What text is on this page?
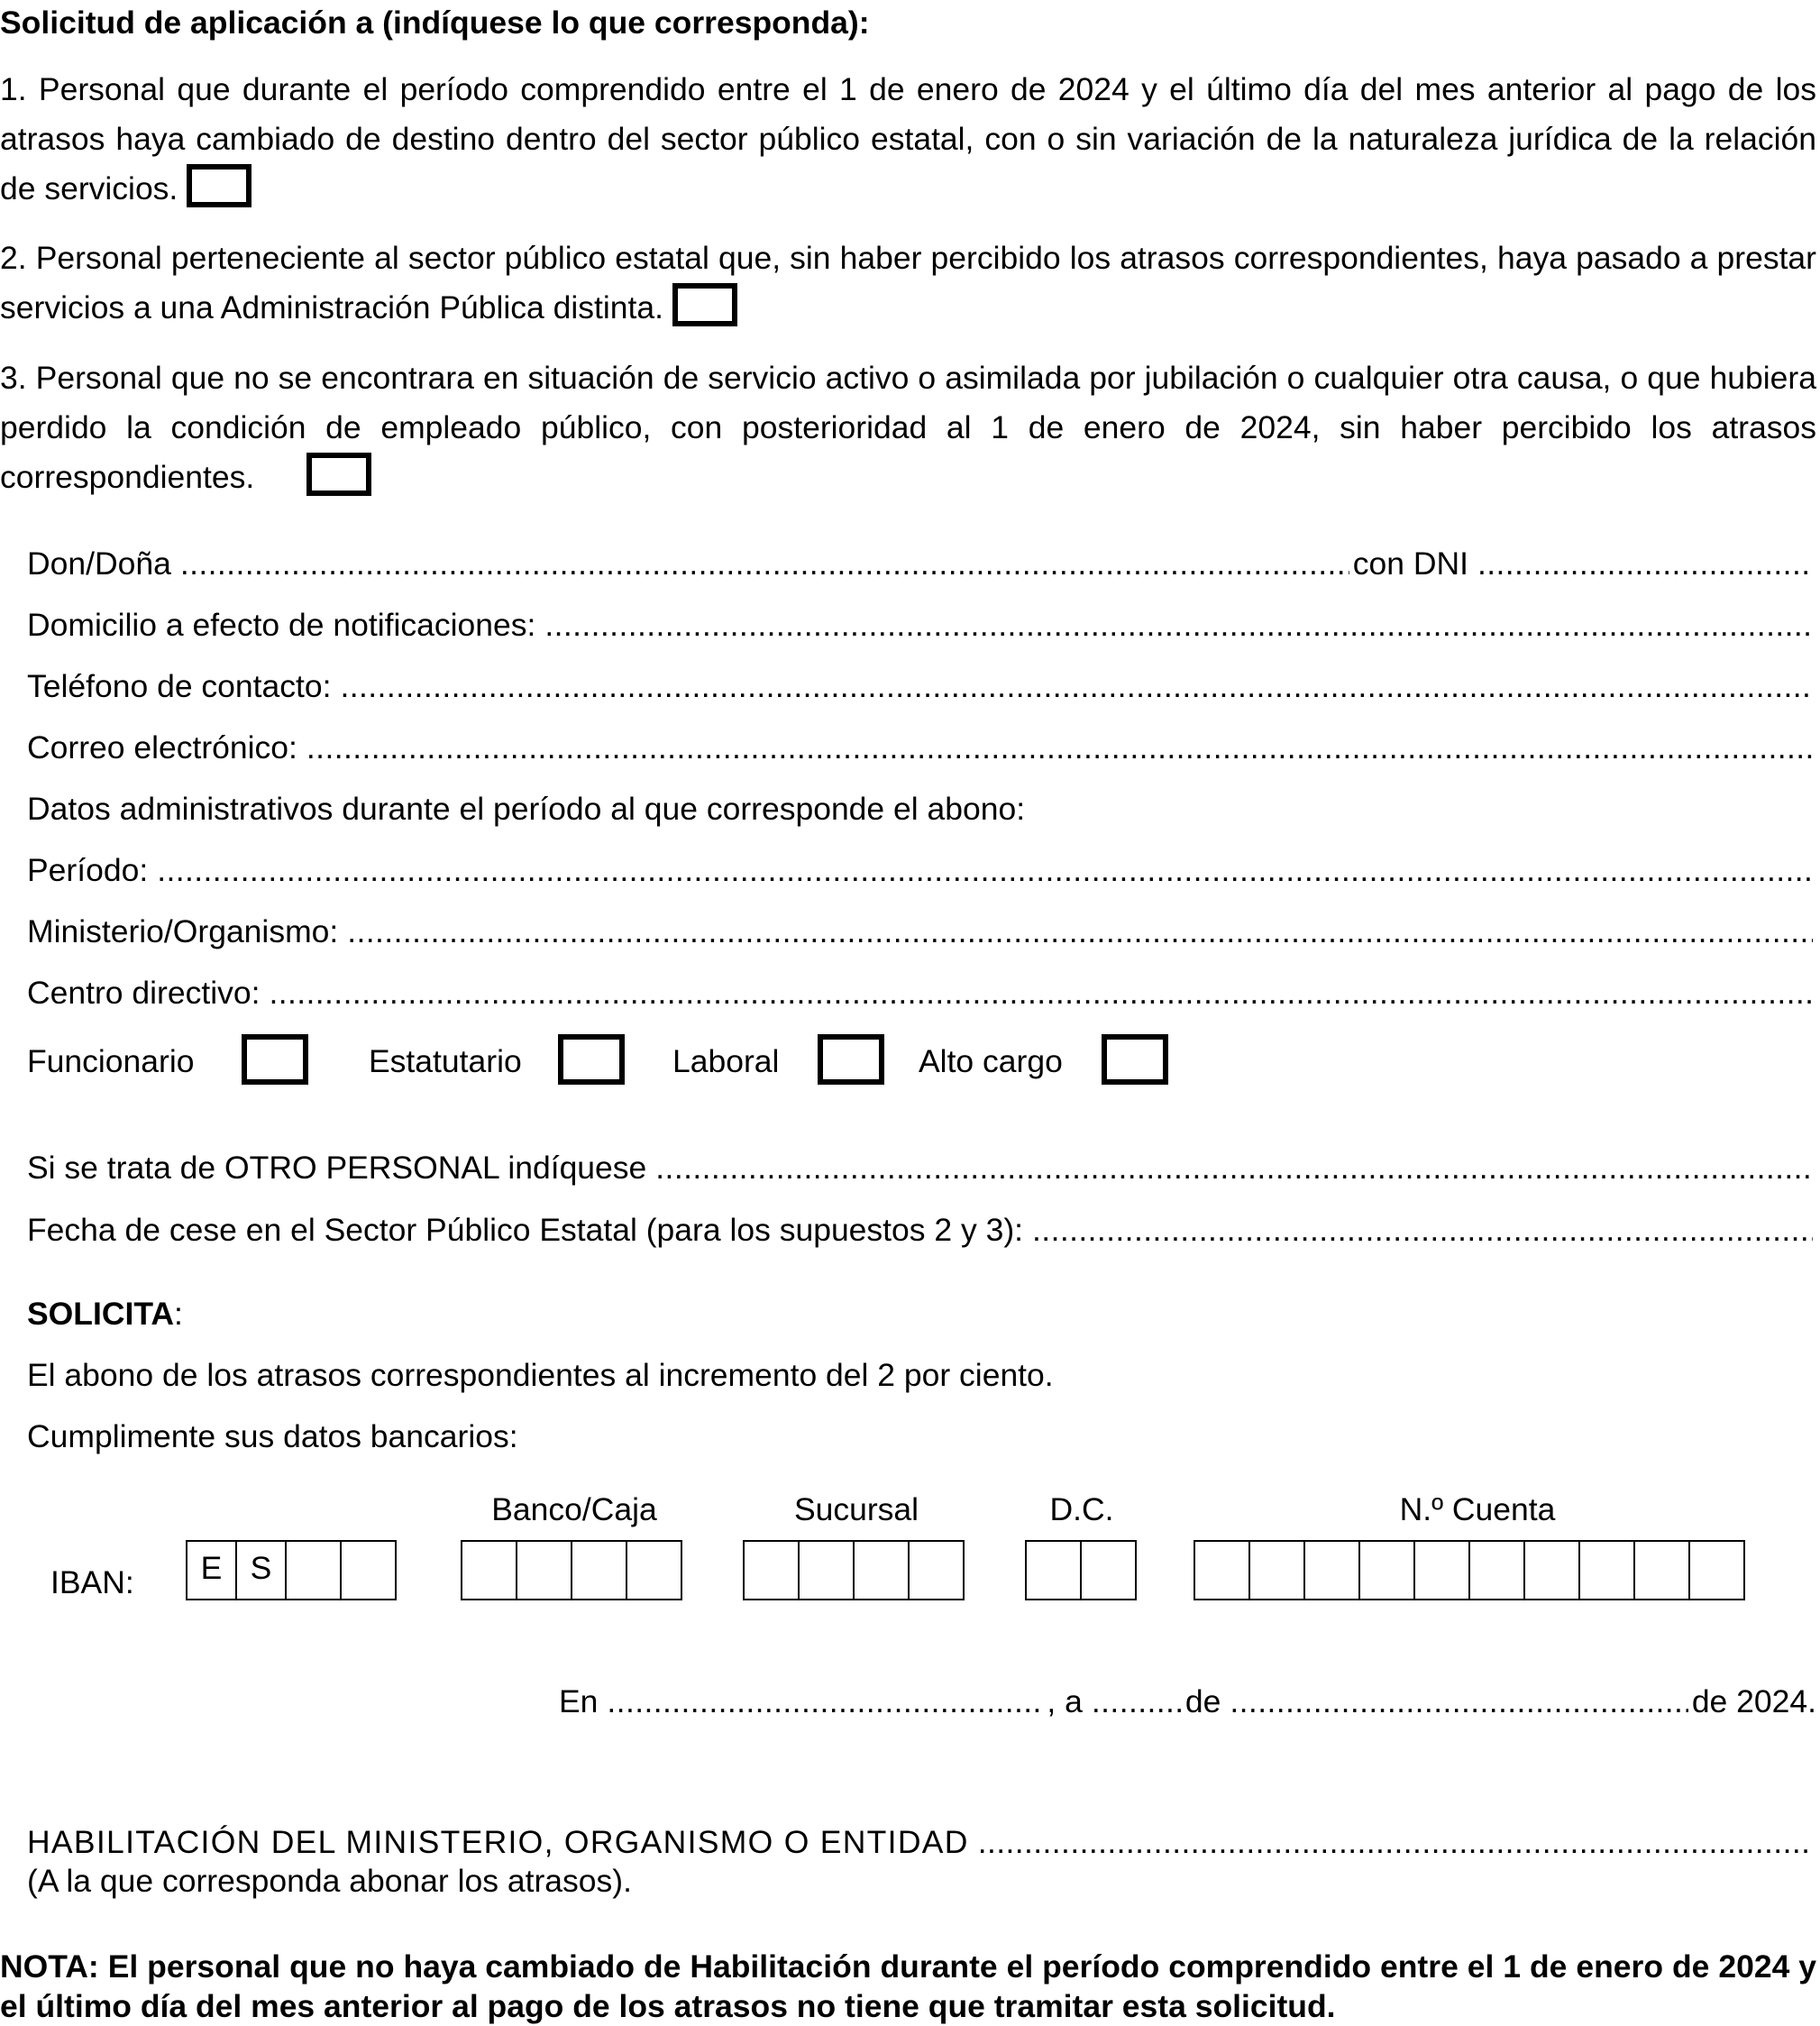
Solicitud de aplicación a (indíquese lo que corresponda):
1. Personal que durante el período comprendido entre el 1 de enero de 2024 y el último día del mes anterior al pago de los atrasos haya cambiado de destino dentro del sector público estatal, con o sin variación de la naturaleza jurídica de la relación de servicios.
2. Personal perteneciente al sector público estatal que, sin haber percibido los atrasos correspondientes, haya pasado a prestar servicios a una Administración Pública distinta.
3. Personal que no se encontrara en situación de servicio activo o asimilada por jubilación o cualquier otra causa, o que hubiera perdido la condición de empleado público, con posterioridad al 1 de enero de 2024, sin haber percibido los atrasos correspondientes.
Don/Doña .....	con DNI
.....
Domicilio a efecto de notificaciones:
.....
Teléfono de contacto:
.....
Correo electrónico:
.....
Datos administrativos durante el período al que corresponde el abono:
Período:
.....
Ministerio/Organismo:
.....
Centro directivo:
.....
Funcionario	Estatutario	Laboral	Alto cargo
Si se trata de OTRO PERSONAL indíquese
.....
Fecha de cese en el Sector Público Estatal (para los supuestos 2 y 3):
.....
SOLICITA:
El abono de los atrasos correspondientes al incremento del 2 por ciento.
Cumplimente sus datos bancarios:
Banco/Caja	Sucursal	D.C.	N.º Cuenta
IBAN:	E S
En .....	, a .....	de .....	de 2024.
HABILITACIÓN DEL MINISTERIO, ORGANISMO O ENTIDAD
.....
(A la que corresponda abonar los atrasos).
NOTA: El personal que no haya cambiado de Habilitación durante el período comprendido entre el 1 de enero de 2024 y el último día del mes anterior al pago de los atrasos no tiene que tramitar esta solicitud.
